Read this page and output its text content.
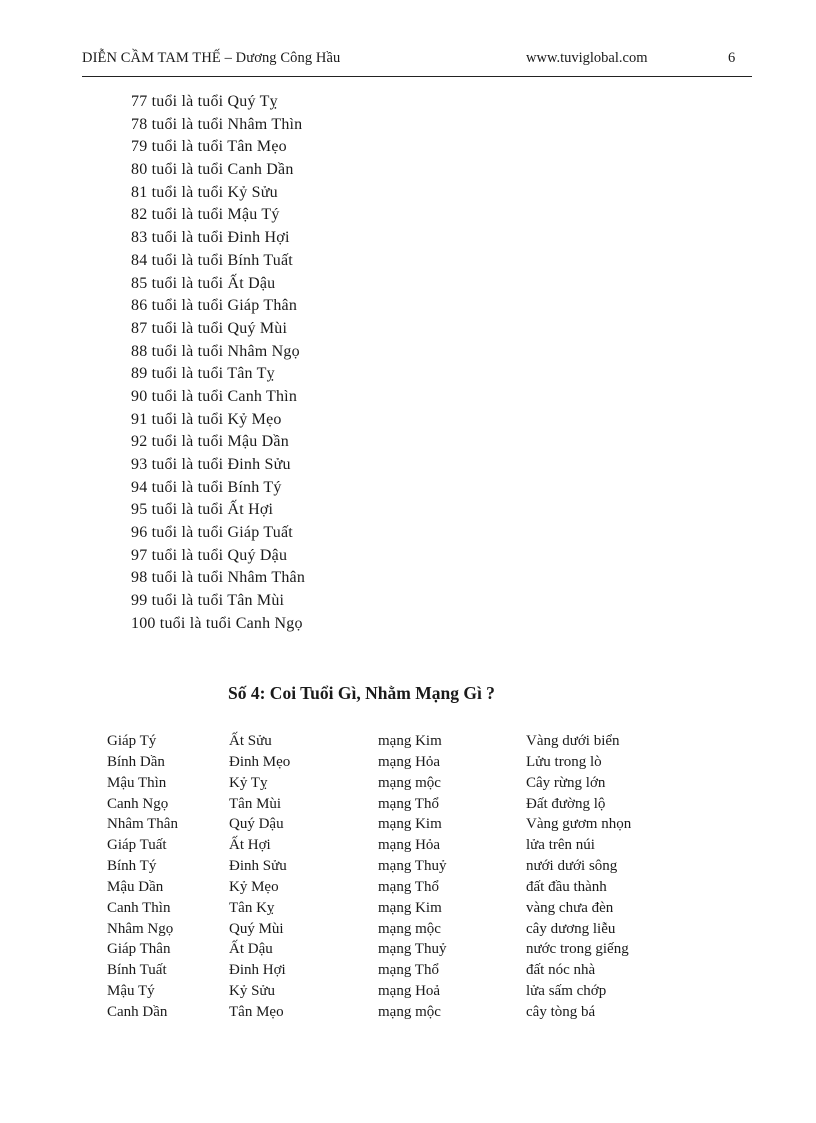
DIỄN CẦM TAM THẾ – Dương Công Hầu	www.tuviglobal.com	6
77 tuổi là tuổi Quý Tỵ
78 tuổi là tuổi Nhâm Thìn
79 tuổi là tuổi Tân Mẹo
80 tuổi là tuổi Canh Dần
81 tuổi là tuổi Kỷ Sửu
82 tuổi là tuổi Mậu Tý
83 tuổi là tuổi Đinh Hợi
84 tuổi là tuổi Bính Tuất
85 tuổi là tuổi Ất Dậu
86 tuổi là tuổi Giáp Thân
87 tuổi là tuổi Quý Mùi
88 tuổi là tuổi Nhâm Ngọ
89 tuổi là tuổi Tân Tỵ
90 tuổi là tuổi Canh Thìn
91 tuổi là tuổi Kỷ Mẹo
92 tuổi là tuổi Mậu Dần
93 tuổi là tuổi Đinh Sửu
94 tuổi là tuổi Bính Tý
95 tuổi là tuổi Ất Hợi
96 tuổi là tuổi Giáp Tuất
97 tuổi là tuổi Quý Dậu
98 tuổi là tuổi Nhâm Thân
99 tuổi là tuổi Tân Mùi
100 tuổi là tuổi Canh Ngọ
Số 4: Coi Tuổi Gì, Nhằm Mạng Gì ?
Giáp Tý	Ất Sửu	mạng Kim	Vàng dưới biển
Bính Dần	Đinh Mẹo	mạng Hỏa	Lửu trong lò
Mậu Thìn	Kỷ Tỵ	mạng mộc	Cây rừng lớn
Canh Ngọ	Tân Mùi	mạng Thổ	Đất đường lộ
Nhâm Thân	Quý Dậu	mạng Kim	Vàng gươm nhọn
Giáp Tuất	Ất Hợi	mạng Hỏa	lửa trên núi
Bính Tý	Đinh Sửu	mạng Thuỷ	nưới dưới sông
Mậu Dần	Kỷ Mẹo	mạng Thổ	đất đầu thành
Canh Thìn	Tân Kỵ	mạng Kim	vàng chưa đèn
Nhâm Ngọ	Quý Mùi	mạng mộc	cây dương liễu
Giáp Thân	Ất Dậu	mạng Thuỷ	nước trong giếng
Bính Tuất	Đinh Hợi	mạng Thổ	đất nóc nhà
Mậu Tý	Kỷ Sửu	mạng Hoả	lửa sấm chớp
Canh Dần	Tân Mẹo	mạng mộc	cây tòng bá
